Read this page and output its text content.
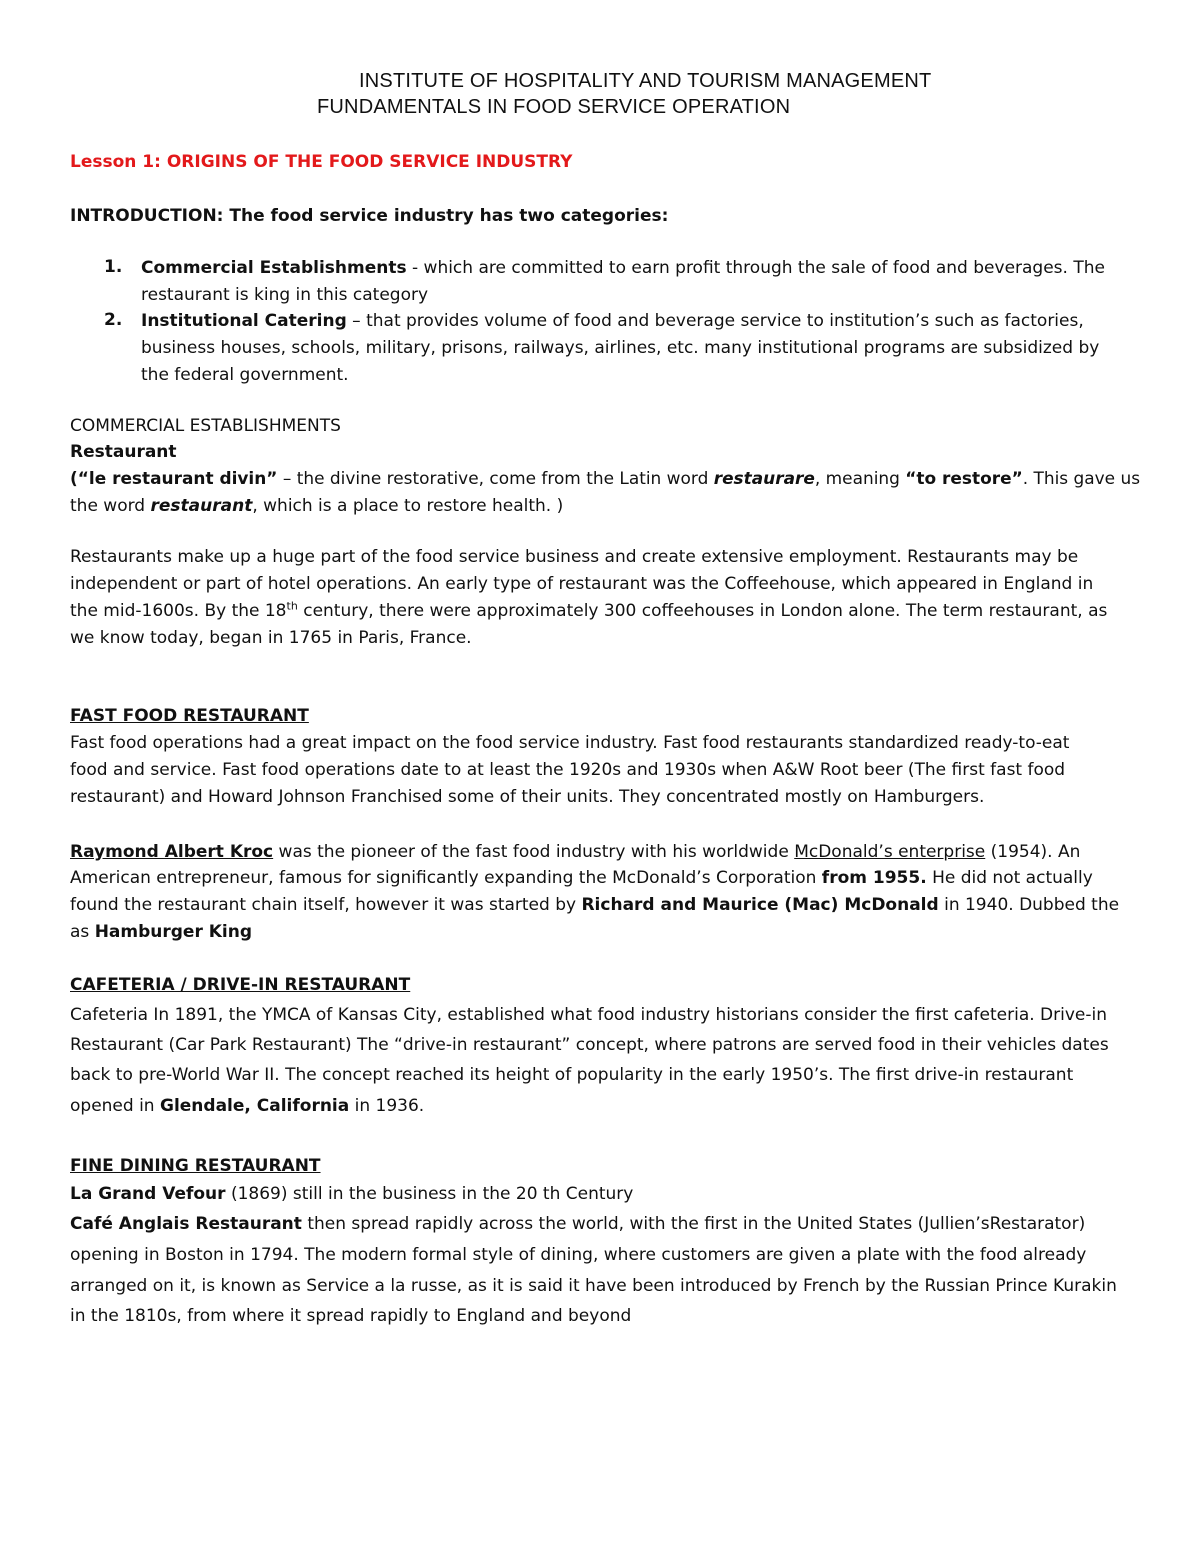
INSTITUTE OF HOSPITALITY AND TOURISM MANAGEMENT
FUNDAMENTALS IN FOOD SERVICE OPERATION
Lesson 1: ORIGINS OF THE FOOD SERVICE INDUSTRY
INTRODUCTION: The food service industry has two categories:
1. Commercial Establishments - which are committed to earn profit through the sale of food and beverages. The
restaurant is king in this category
2. Institutional Catering – that provides volume of food and beverage service to institution’s such as factories,
business houses, schools, military, prisons, railways, airlines, etc. many institutional programs are subsidized by
the federal government.
COMMERCIAL ESTABLISHMENTS
Restaurant
(“le restaurant divin” – the divine restorative, come from the Latin word restaurare, meaning “to restore”. This gave us
the word restaurant, which is a place to restore health. )
Restaurants make up a huge part of the food service business and create extensive employment. Restaurants may be
independent or part of hotel operations. An early type of restaurant was the Coffeehouse, which appeared in England in
the mid-1600s. By the 18th century, there were approximately 300 coffeehouses in London alone. The term restaurant, as
we know today, began in 1765 in Paris, France.
FAST FOOD RESTAURANT
Fast food operations had a great impact on the food service industry. Fast food restaurants standardized ready-to-eat
food and service. Fast food operations date to at least the 1920s and 1930s when A&W Root beer (The first fast food
restaurant) and Howard Johnson Franchised some of their units. They concentrated mostly on Hamburgers.
Raymond Albert Kroc was the pioneer of the fast food industry with his worldwide McDonald’s enterprise (1954). An
American entrepreneur, famous for significantly expanding the McDonald’s Corporation from 1955. He did not actually
found the restaurant chain itself, however it was started by Richard and Maurice (Mac) McDonald in 1940. Dubbed the
as Hamburger King
CAFETERIA / DRIVE-IN RESTAURANT
Cafeteria In 1891, the YMCA of Kansas City, established what food industry historians consider the first cafeteria. Drive-in
Restaurant (Car Park Restaurant) The “drive-in restaurant” concept, where patrons are served food in their vehicles dates
back to pre-World War II. The concept reached its height of popularity in the early 1950’s. The first drive-in restaurant
opened in Glendale, California in 1936.
FINE DINING RESTAURANT
La Grand Vefour (1869) still in the business in the 20 th Century
Café Anglais Restaurant then spread rapidly across the world, with the first in the United States (Jullien’sRestarator)
opening in Boston in 1794. The modern formal style of dining, where customers are given a plate with the food already
arranged on it, is known as Service a la russe, as it is said it have been introduced by French by the Russian Prince Kurakin
in the 1810s, from where it spread rapidly to England and beyond
